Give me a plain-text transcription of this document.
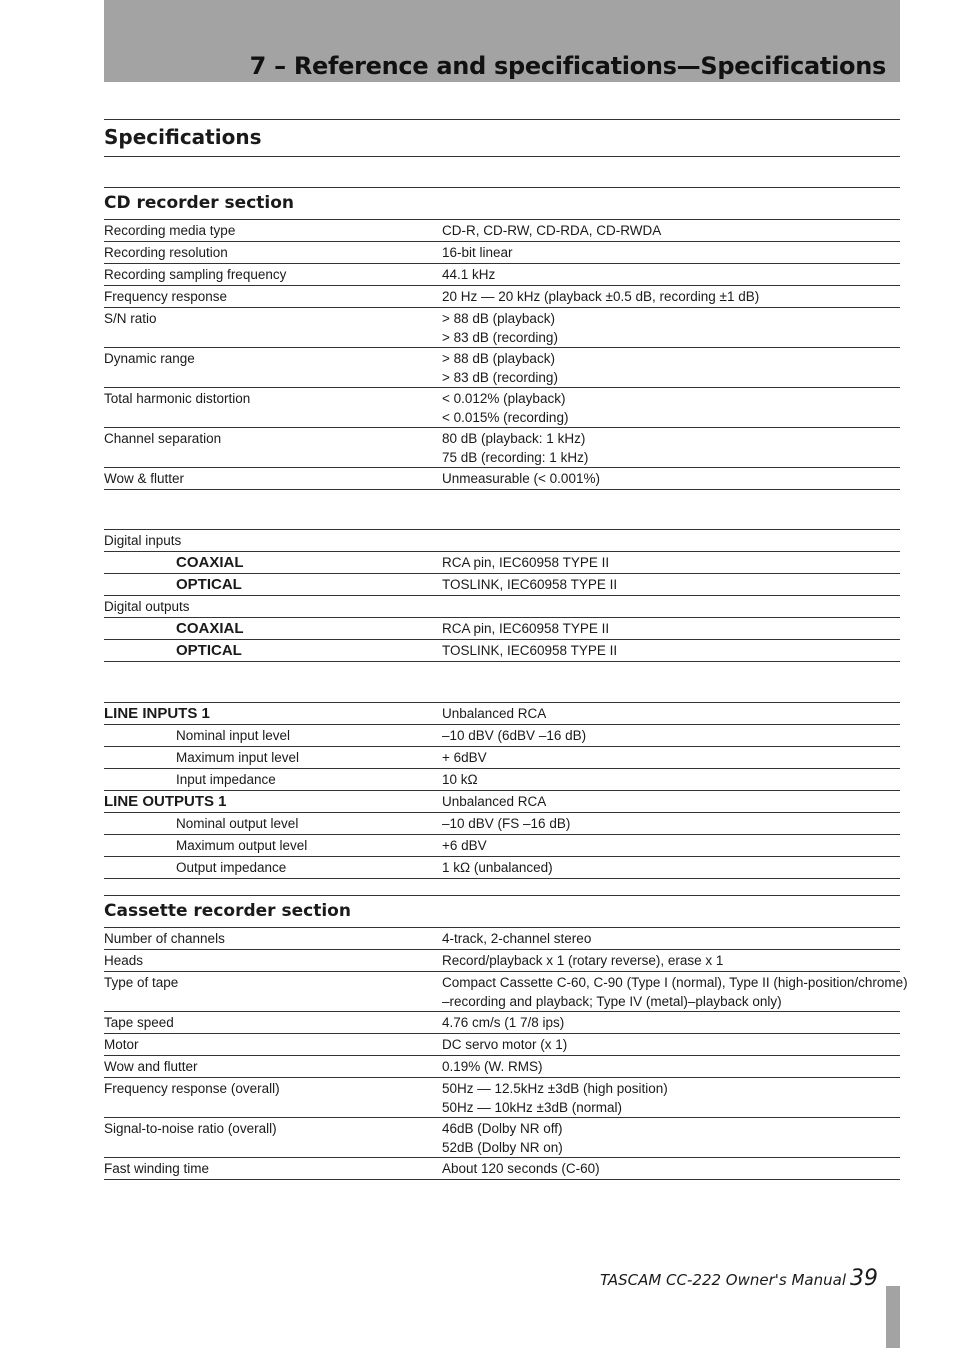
7 – Reference and specifications—Specifications
Specifications
CD recorder section
Recording media type	CD-R, CD-RW, CD-RDA, CD-RWDA
Recording resolution	16-bit linear
Recording sampling frequency	44.1 kHz
Frequency response	20 Hz — 20 kHz (playback ±0.5 dB, recording ±1 dB)
S/N ratio	> 88 dB (playback)
> 83 dB (recording)
Dynamic range	> 88 dB (playback)
> 83 dB (recording)
Total harmonic distortion	< 0.012% (playback)
< 0.015% (recording)
Channel separation	80 dB (playback: 1 kHz)
75 dB (recording: 1 kHz)
Wow & flutter	Unmeasurable (< 0.001%)
Digital inputs
COAXIAL	RCA pin, IEC60958 TYPE II
OPTICAL	TOSLINK, IEC60958 TYPE II
Digital outputs
COAXIAL	RCA pin, IEC60958 TYPE II
OPTICAL	TOSLINK, IEC60958 TYPE II
LINE INPUTS 1	Unbalanced RCA
Nominal input level	–10 dBV (6dBV –16 dB)
Maximum input level	+ 6dBV
Input impedance	10 kΩ
LINE OUTPUTS 1	Unbalanced RCA
Nominal output level	–10 dBV (FS –16 dB)
Maximum output level	+6 dBV
Output impedance	1 kΩ (unbalanced)
Cassette recorder section
Number of channels	4-track, 2-channel stereo
Heads	Record/playback x 1 (rotary reverse), erase x 1
Type of tape	Compact Cassette C-60, C-90 (Type I (normal), Type II (high-position/chrome)
–recording and playback; Type IV (metal)–playback only)
Tape speed	4.76 cm/s (1 7/8 ips)
Motor	DC servo motor (x 1)
Wow and flutter	0.19% (W. RMS)
Frequency response (overall)	50Hz — 12.5kHz ±3dB (high position)
50Hz — 10kHz ±3dB (normal)
Signal-to-noise ratio (overall)	46dB (Dolby NR off)
52dB (Dolby NR on)
Fast winding time	About 120 seconds (C-60)
TASCAM CC-222 Owner's Manual 39
